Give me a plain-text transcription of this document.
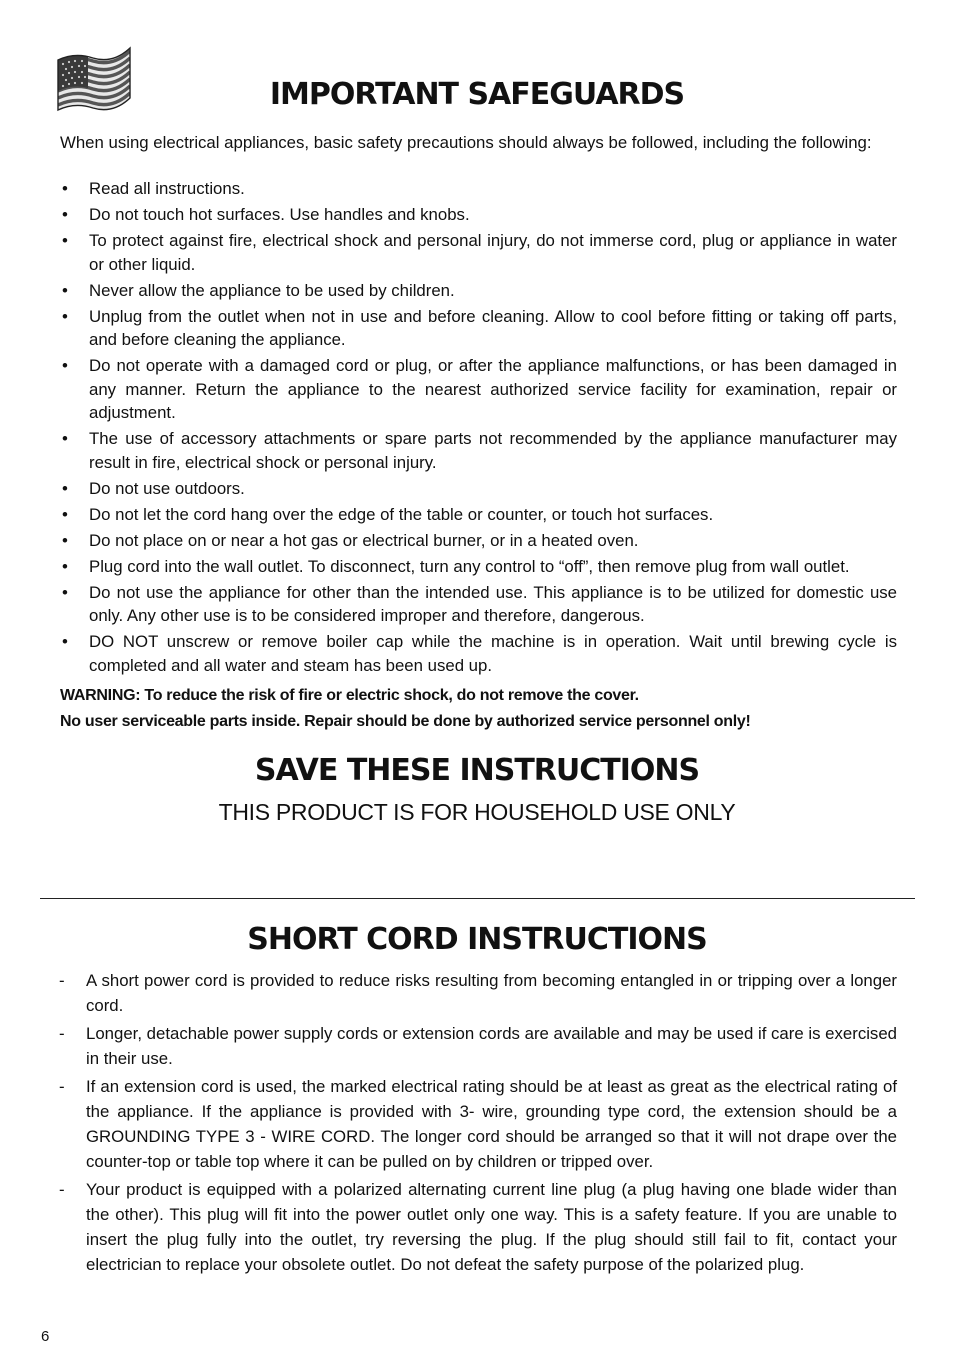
IMPORTANT SAFEGUARDS
When using electrical appliances, basic safety precautions should always be followed, including the following:
• Read all instructions.
• Do not touch hot surfaces. Use handles and knobs.
• To protect against fire, electrical shock and personal injury, do not immerse cord, plug or appliance in water or other liquid.
• Never allow the appliance to be used by children.
• Unplug from the outlet when not in use and before cleaning. Allow to cool before fitting or taking off parts, and before cleaning the appliance.
• Do not operate with a damaged cord or plug, or after the appliance malfunctions, or has been damaged in any manner. Return the appliance to the nearest authorized service facility for examination, repair or adjustment.
• The use of accessory attachments or spare parts not recommended by the appliance manufacturer may result in fire, electrical shock or personal injury.
• Do not use outdoors.
• Do not let the cord hang over the edge of the table or counter, or touch hot surfaces.
• Do not place on or near a hot gas or electrical burner, or in a heated oven.
• Plug cord into the wall outlet. To disconnect, turn any control to “off”, then remove plug from wall outlet.
• Do not use the appliance for other than the intended use. This appliance is to be utilized for domestic use only. Any other use is to be considered improper and therefore, dangerous.
• DO NOT unscrew or remove boiler cap while the machine is in operation. Wait until brewing cycle is completed and all water and steam has been used up.
WARNING: To reduce the risk of fire or electric shock, do not remove the cover.
No user serviceable parts inside. Repair should be done by authorized service personnel only!
SAVE THESE INSTRUCTIONS
THIS PRODUCT IS FOR HOUSEHOLD USE ONLY
SHORT CORD INSTRUCTIONS
- A short power cord is provided to reduce risks resulting from becoming entangled in or tripping over a longer cord.
- Longer, detachable power supply cords or extension cords are available and may be used if care is exercised in their use.
- If an extension cord is used, the marked electrical rating should be at least as great as the electrical rating of the appliance. If the appliance is provided with 3- wire, grounding type cord, the extension should be a GROUNDING TYPE 3 - WIRE CORD. The longer cord should be arranged so that it will not drape over the counter-top or table top where it can be pulled on by children or tripped over.
- Your product is equipped with a polarized alternating current line plug (a plug having one blade wider than the other). This plug will fit into the power outlet only one way. This is a safety feature. If you are unable to insert the plug fully into the outlet, try reversing the plug. If the plug should still fail to fit, contact your electrician to replace your obsolete outlet. Do not defeat the safety purpose of the polarized plug.
6
